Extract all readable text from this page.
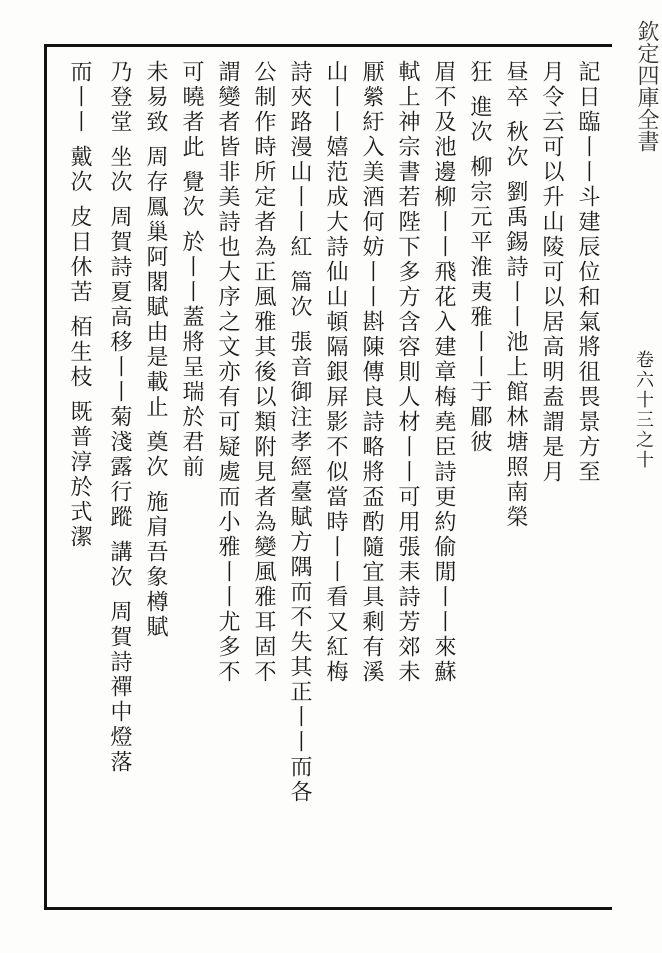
欽定四庫全書
卷六十三之十
記日臨丨丨斗建辰位和氣將徂畏景方至
月令云可以升山陵可以居高明盍謂是月
昼卒 秋次 劉禹錫詩丨丨池上館林塘照南榮
狂 進次 柳宗元平淮夷雅丨丨于郿彼
眉不及池邊柳丨丨飛花入建章梅堯臣詩更約偷閒丨丨來蘇
軾上神宗書若陛下多方含容則人材丨丨可用張耒詩芳郊未
厭縈紆入美酒何妨丨丨斟陳傳良詩略將盃酌隨宜具剩有溪
山丨丨嬉范成大詩仙山頓隔銀屏影不似當時丨丨看又紅梅
詩夾路漫山丨丨紅 篇次 張音御注孝經臺賦方隅而不失其正丨丨而各
公制作時所定者為正風雅其後以類附見者為變風雅耳固不
謂變者皆非美詩也大序之文亦有可疑處而小雅丨丨尤多不
可曉者此 覺次 於丨丨蓋將呈瑞於君前
未易致 周存鳳巢阿閣賦由是載止 奠次 施肩吾象樽賦
乃登堂 坐次 周賀詩夏高移丨丨菊淺露行蹤 講次 周賀詩禪中燈落
而丨丨 戴次 皮日休苦 栢生枝 既普淳於式潔
